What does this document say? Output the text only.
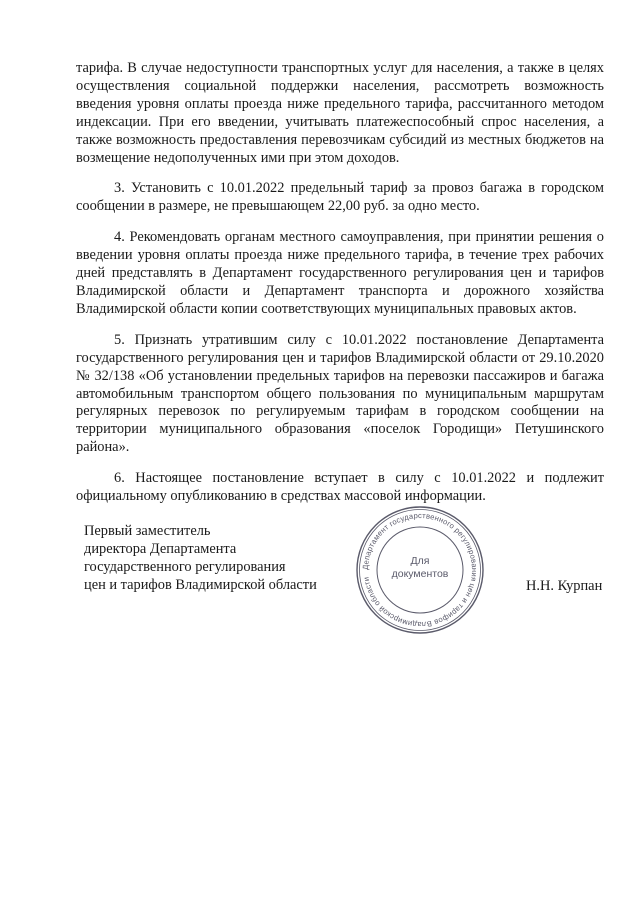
тарифа. В случае недоступности транспортных услуг для населения, а также в целях осуществления социальной поддержки населения, рассмотреть возможность введения уровня оплаты проезда ниже предельного тарифа, рассчитанного методом индексации. При его введении, учитывать платежеспособный спрос населения, а также возможность предоставления перевозчикам субсидий из местных бюджетов на возмещение недополученных ими при этом доходов.

3. Установить с 10.01.2022 предельный тариф за провоз багажа в городском сообщении в размере, не превышающем 22,00 руб. за одно место.

4. Рекомендовать органам местного самоуправления, при принятии решения о введении уровня оплаты проезда ниже предельного тарифа, в течение трех рабочих дней представлять в Департамент государственного регулирования цен и тарифов Владимирской области и Департамент транспорта и дорожного хозяйства Владимирской области копии соответствующих муниципальных правовых актов.

5. Признать утратившим силу с 10.01.2022 постановление Департамента государственного регулирования цен и тарифов Владимирской области от 29.10.2020 № 32/138 «Об установлении предельных тарифов на перевозки пассажиров и багажа автомобильным транспортом общего пользования по муниципальным маршрутам регулярных перевозок по регулируемым тарифам в городском сообщении на территории муниципального образования «поселок Городищи» Петушинского района».

6. Настоящее постановление вступает в силу с 10.01.2022 и подлежит официальному опубликованию в средствах массовой информации.

Первый заместитель
директора Департамента
государственного регулирования
цен и тарифов Владимирской области
Департамент государственного регулирования цен и тарифов Владимирской области
Для
документов
Н.Н. Курпан
